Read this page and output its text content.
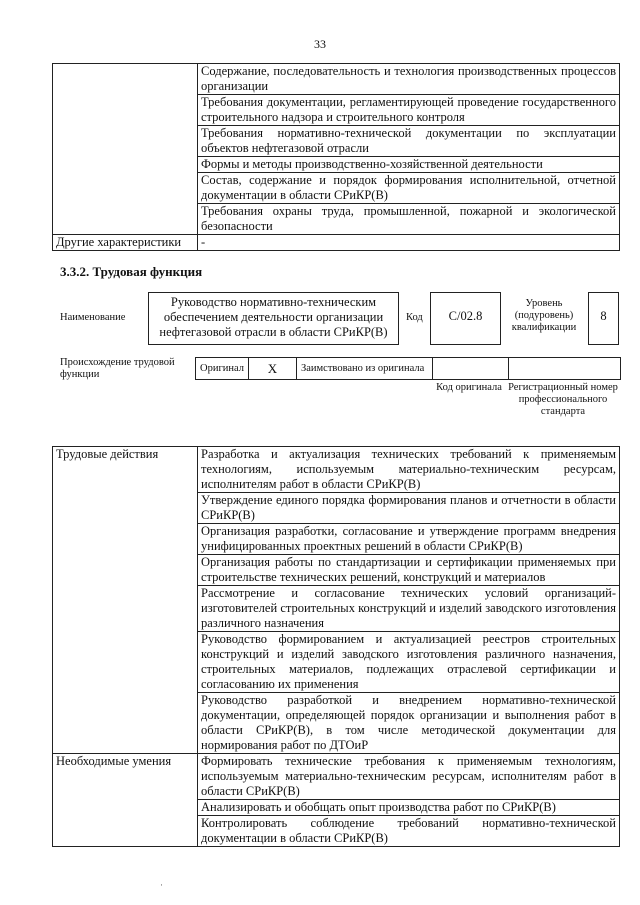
33
	Содержание, последовательность и технология производственных процессов организации
	Требования документации, регламентирующей проведение государственного строительного надзора и строительного контроля
	Требования нормативно-технической документации по эксплуатации объектов нефтегазовой отрасли
	Формы и методы производственно-хозяйственной деятельности
	Состав, содержание и порядок формирования исполнительной, отчетной документации в области СРиКР(В)
	Требования охраны труда, промышленной, пожарной и экологической безопасности
Другие характеристики	-
3.3.2. Трудовая функция
Наименование
Руководство нормативно-техническим обеспечением деятельности организации нефтегазовой отрасли в области СРиКР(В)
Код	С/02.8
Уровень (подуровень) квалификации
8
Происхождение трудовой функции
Оригинал	X	Заимствовано из оригинала		
Код оригинала Регистрационный номер профессионального стандарта
Трудовые действия	Разработка и актуализация технических требований к применяемым технологиям, используемым материально-техническим ресурсам, исполнителям работ в области СРиКР(В)
	Утверждение единого порядка формирования планов и отчетности в области СРиКР(В)
	Организация разработки, согласование и утверждение программ внедрения унифицированных проектных решений в области СРиКР(В)
	Организация работы по стандартизации и сертификации применяемых при строительстве технических решений, конструкций и материалов
	Рассмотрение и согласование технических условий организаций-изготовителей строительных конструкций и изделий заводского изготовления различного назначения
	Руководство формированием и актуализацией реестров строительных конструкций и изделий заводского изготовления различного назначения, строительных материалов, подлежащих отраслевой сертификации и согласованию их применения
	Руководство разработкой и внедрением нормативно-технической документации, определяющей порядок организации и выполнения работ в области СРиКР(В), в том числе методической документации для нормирования работ по ДТОиР
Необходимые умения	Формировать технические требования к применяемым технологиям, используемым материально-техническим ресурсам, исполнителям работ в области СРиКР(В)
	Анализировать и обобщать опыт производства работ по СРиКР(В)
	Контролировать соблюдение требований нормативно-технической документации в области СРиКР(В)
·
